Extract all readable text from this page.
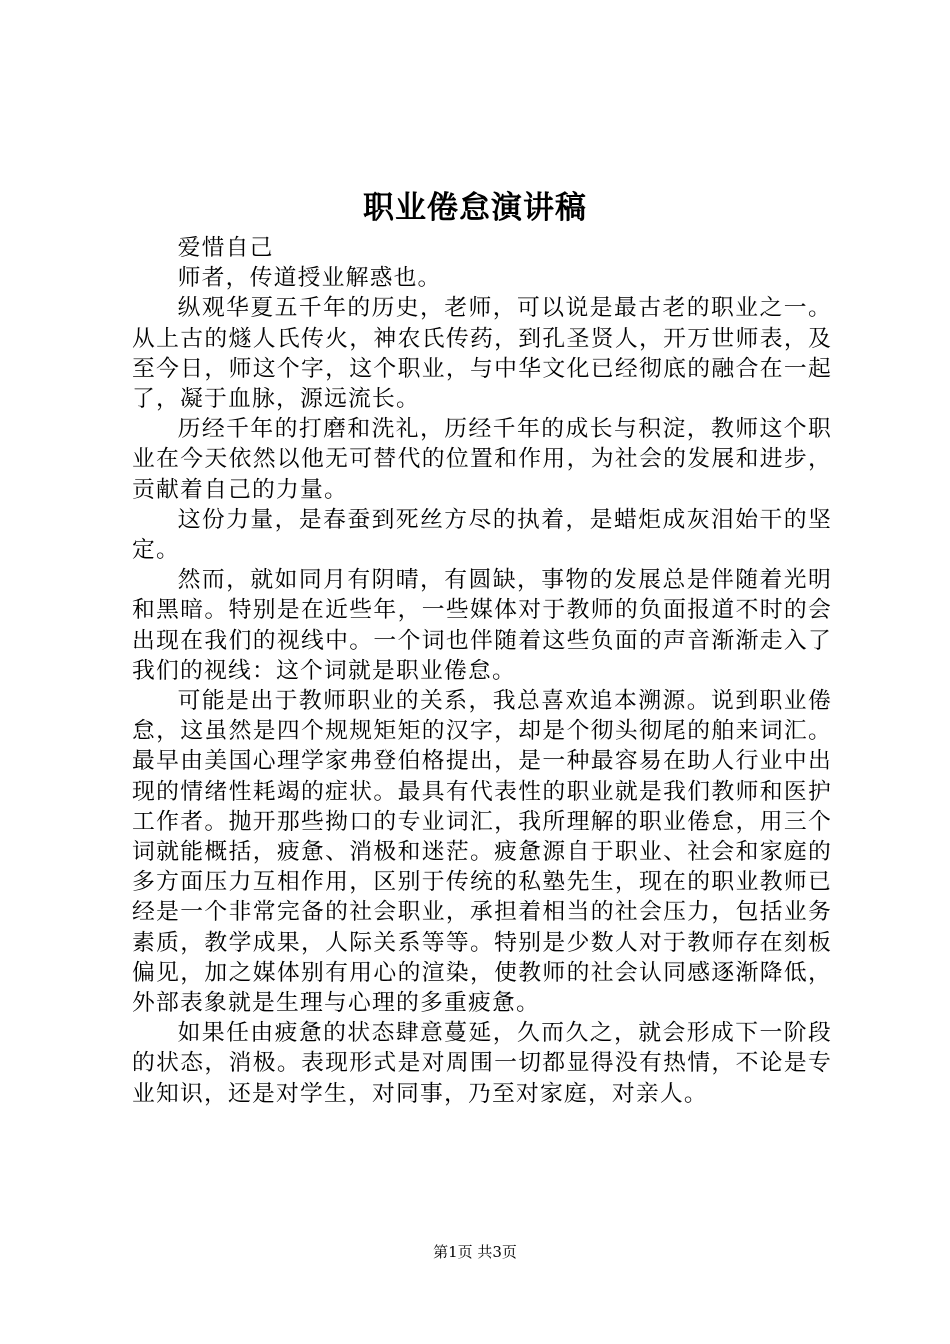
职业倦怠演讲稿

爱惜自己

师者，传道授业解惑也。

纵观华夏五千年的历史，老师，可以说是最古老的职业之一。从上古的燧人氏传火，神农氏传药，到孔圣贤人，开万世师表，及至今日，师这个字，这个职业，与中华文化已经彻底的融合在一起了，凝于血脉，源远流长。

历经千年的打磨和洗礼，历经千年的成长与积淀，教师这个职业在今天依然以他无可替代的位置和作用，为社会的发展和进步，贡献着自己的力量。

这份力量，是春蚕到死丝方尽的执着，是蜡炬成灰泪始干的坚定。

然而，就如同月有阴晴，有圆缺，事物的发展总是伴随着光明和黑暗。特别是在近些年，一些媒体对于教师的负面报道不时的会出现在我们的视线中。一个词也伴随着这些负面的声音渐渐走入了我们的视线：这个词就是职业倦怠。

可能是出于教师职业的关系，我总喜欢追本溯源。说到职业倦怠，这虽然是四个规规矩矩的汉字，却是个彻头彻尾的舶来词汇。最早由美国心理学家弗登伯格提出，是一种最容易在助人行业中出现的情绪性耗竭的症状。最具有代表性的职业就是我们教师和医护工作者。抛开那些拗口的专业词汇，我所理解的职业倦怠，用三个词就能概括，疲惫、消极和迷茫。疲惫源自于职业、社会和家庭的多方面压力互相作用，区别于传统的私塾先生，现在的职业教师已经是一个非常完备的社会职业，承担着相当的社会压力，包括业务素质，教学成果，人际关系等等。特别是少数人对于教师存在刻板偏见，加之媒体别有用心的渲染，使教师的社会认同感逐渐降低，外部表象就是生理与心理的多重疲惫。

如果任由疲惫的状态肆意蔓延，久而久之，就会形成下一阶段的状态，消极。表现形式是对周围一切都显得没有热情，不论是专业知识，还是对学生，对同事，乃至对家庭，对亲人。

第1页 共3页
